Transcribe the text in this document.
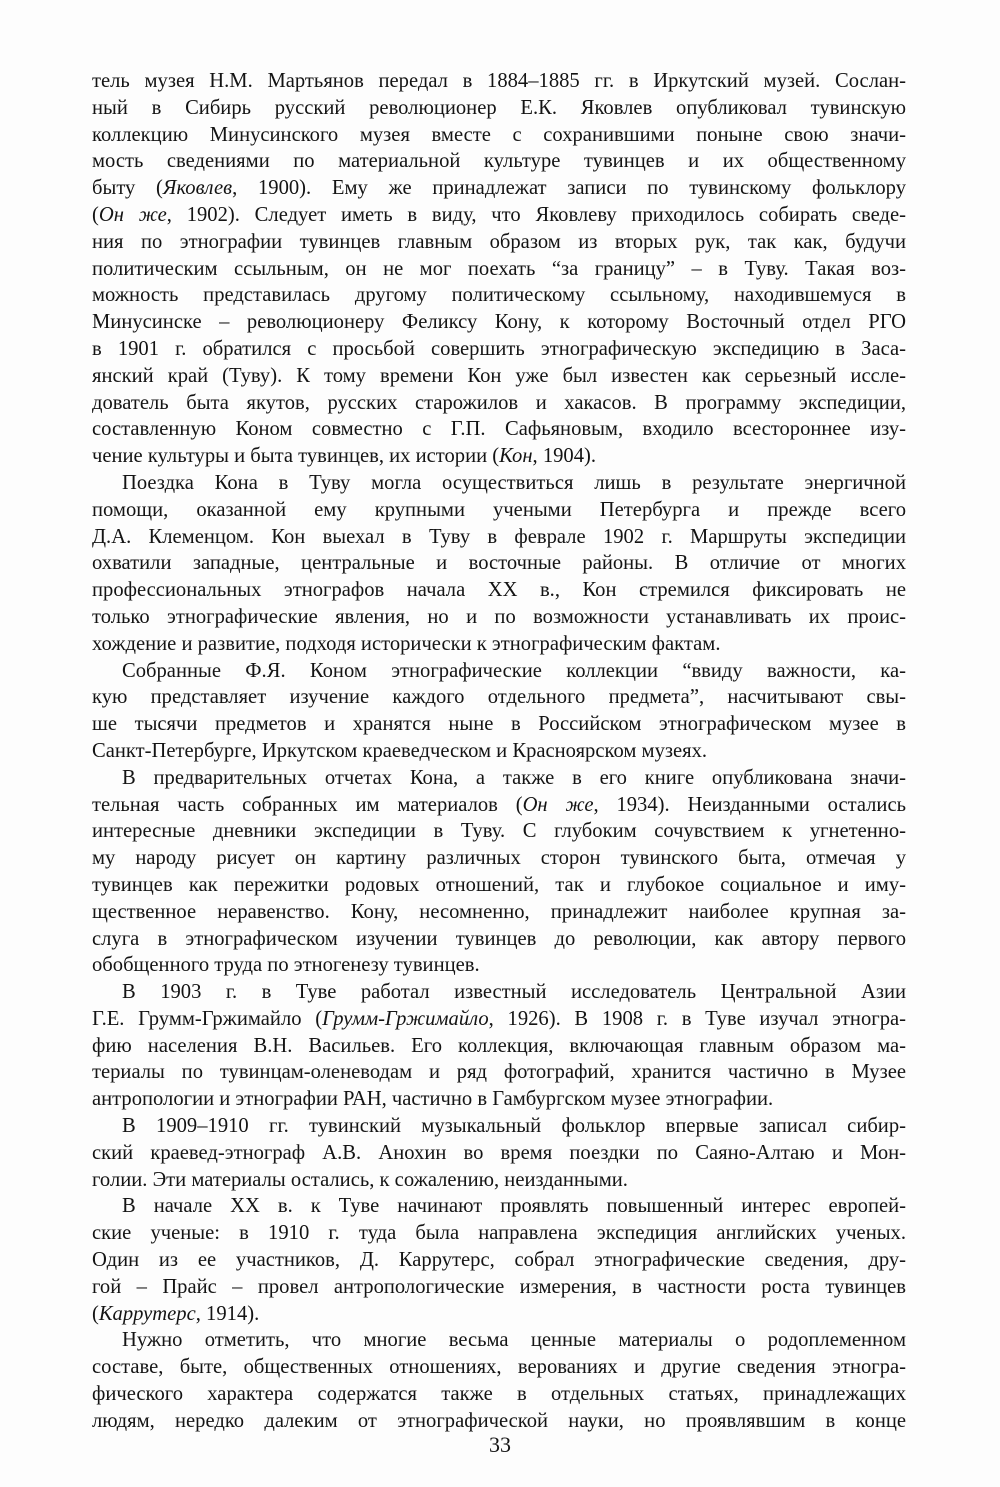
тель музея Н.М. Мартьянов передал в 1884–1885 гг. в Иркутский музей. Сослан-
ный в Сибирь русский революционер Е.К. Яковлев опубликовал тувинскую
коллекцию Минусинского музея вместе с сохранившими поныне свою значи-
мость сведениями по материальной культуре тувинцев и их общественному
быту (Яковлев, 1900). Ему же принадлежат записи по тувинскому фольклору
(Он же, 1902). Следует иметь в виду, что Яковлеву приходилось собирать сведе-
ния по этнографии тувинцев главным образом из вторых рук, так как, будучи
политическим ссыльным, он не мог поехать “за границу” – в Туву. Такая воз-
можность представилась другому политическому ссыльному, находившемуся в
Минусинске – революционеру Феликсу Кону, к которому Восточный отдел РГО
в 1901 г. обратился с просьбой совершить этнографическую экспедицию в Заса-
янский край (Туву). К тому времени Кон уже был известен как серьезный иссле-
дователь быта якутов, русских старожилов и хакасов. В программу экспедиции,
составленную Коном совместно с Г.П. Сафьяновым, входило всестороннее изу-
чение культуры и быта тувинцев, их истории (Кон, 1904).
Поездка Кона в Туву могла осуществиться лишь в результате энергичной
помощи, оказанной ему крупными учеными Петербурга и прежде всего
Д.А. Клеменцом. Кон выехал в Туву в феврале 1902 г. Маршруты экспедиции
охватили западные, центральные и восточные районы. В отличие от многих
профессиональных этнографов начала XX в., Кон стремился фиксировать не
только этнографические явления, но и по возможности устанавливать их проис-
хождение и развитие, подходя исторически к этнографическим фактам.
Собранные Ф.Я. Коном этнографические коллекции “ввиду важности, ка-
кую представляет изучение каждого отдельного предмета”, насчитывают свы-
ше тысячи предметов и хранятся ныне в Российском этнографическом музее в
Санкт-Петербурге, Иркутском краеведческом и Красноярском музеях.
В предварительных отчетах Кона, а также в его книге опубликована значи-
тельная часть собранных им материалов (Он же, 1934). Неизданными остались
интересные дневники экспедиции в Туву. С глубоким сочувствием к угнетенно-
му народу рисует он картину различных сторон тувинского быта, отмечая у
тувинцев как пережитки родовых отношений, так и глубокое социальное и иму-
щественное неравенство. Кону, несомненно, принадлежит наиболее крупная за-
слуга в этнографическом изучении тувинцев до революции, как автору первого
обобщенного труда по этногенезу тувинцев.
В 1903 г. в Туве работал известный исследователь Центральной Азии
Г.Е. Грумм-Гржимайло (Грумм-Гржимайло, 1926). В 1908 г. в Туве изучал этногра-
фию населения В.Н. Васильев. Его коллекция, включающая главным образом ма-
териалы по тувинцам-оленеводам и ряд фотографий, хранится частично в Музее
антропологии и этнографии РАН, частично в Гамбургском музее этнографии.
В 1909–1910 гг. тувинский музыкальный фольклор впервые записал сибир-
ский краевед-этнограф А.В. Анохин во время поездки по Саяно-Алтаю и Мон-
голии. Эти материалы остались, к сожалению, неизданными.
В начале XX в. к Туве начинают проявлять повышенный интерес европей-
ские ученые: в 1910 г. туда была направлена экспедиция английских ученых.
Один из ее участников, Д. Каррутерс, собрал этнографические сведения, дру-
гой – Прайс – провел антропологические измерения, в частности роста тувинцев
(Каррутерс, 1914).
Нужно отметить, что многие весьма ценные материалы о родоплеменном
составе, быте, общественных отношениях, верованиях и другие сведения этногра-
фического характера содержатся также в отдельных статьях, принадлежащих
людям, нередко далеким от этнографической науки, но проявлявшим в конце
33
